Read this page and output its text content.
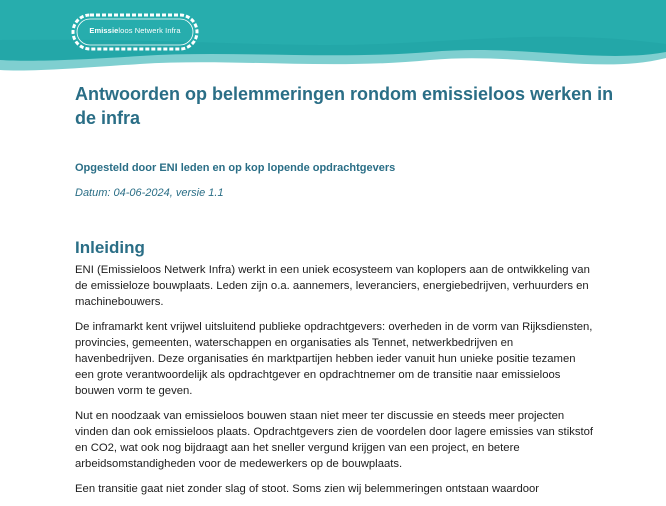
Emissieloos Netwerk Infra
Antwoorden op belemmeringen rondom emissieloos werken in de infra
Opgesteld door ENI leden en op kop lopende opdrachtgevers
Datum: 04-06-2024, versie 1.1
Inleiding

ENI (Emissieloos Netwerk Infra) werkt in een uniek ecosysteem van koplopers aan de ontwikkeling van de emissieloze bouwplaats. Leden zijn o.a. aannemers, leveranciers, energiebedrijven, verhuurders en machinebouwers.

De inframarkt kent vrijwel uitsluitend publieke opdrachtgevers: overheden in de vorm van Rijksdiensten, provincies, gemeenten, waterschappen en organisaties als Tennet, netwerkbedrijven en havenbedrijven. Deze organisaties én marktpartijen hebben ieder vanuit hun unieke positie tezamen een grote verantwoordelijk als opdrachtgever en opdrachtnemer om de transitie naar emissieloos bouwen vorm te geven.

Nut en noodzaak van emissieloos bouwen staan niet meer ter discussie en steeds meer projecten vinden dan ook emissieloos plaats. Opdrachtgevers zien de voordelen door lagere emissies van stikstof en CO2, wat ook nog bijdraagt aan het sneller vergund krijgen van een project, en betere arbeidsomstandigheden voor de medewerkers op de bouwplaats.

Een transitie gaat niet zonder slag of stoot. Soms zien wij belemmeringen ontstaan waardoor
